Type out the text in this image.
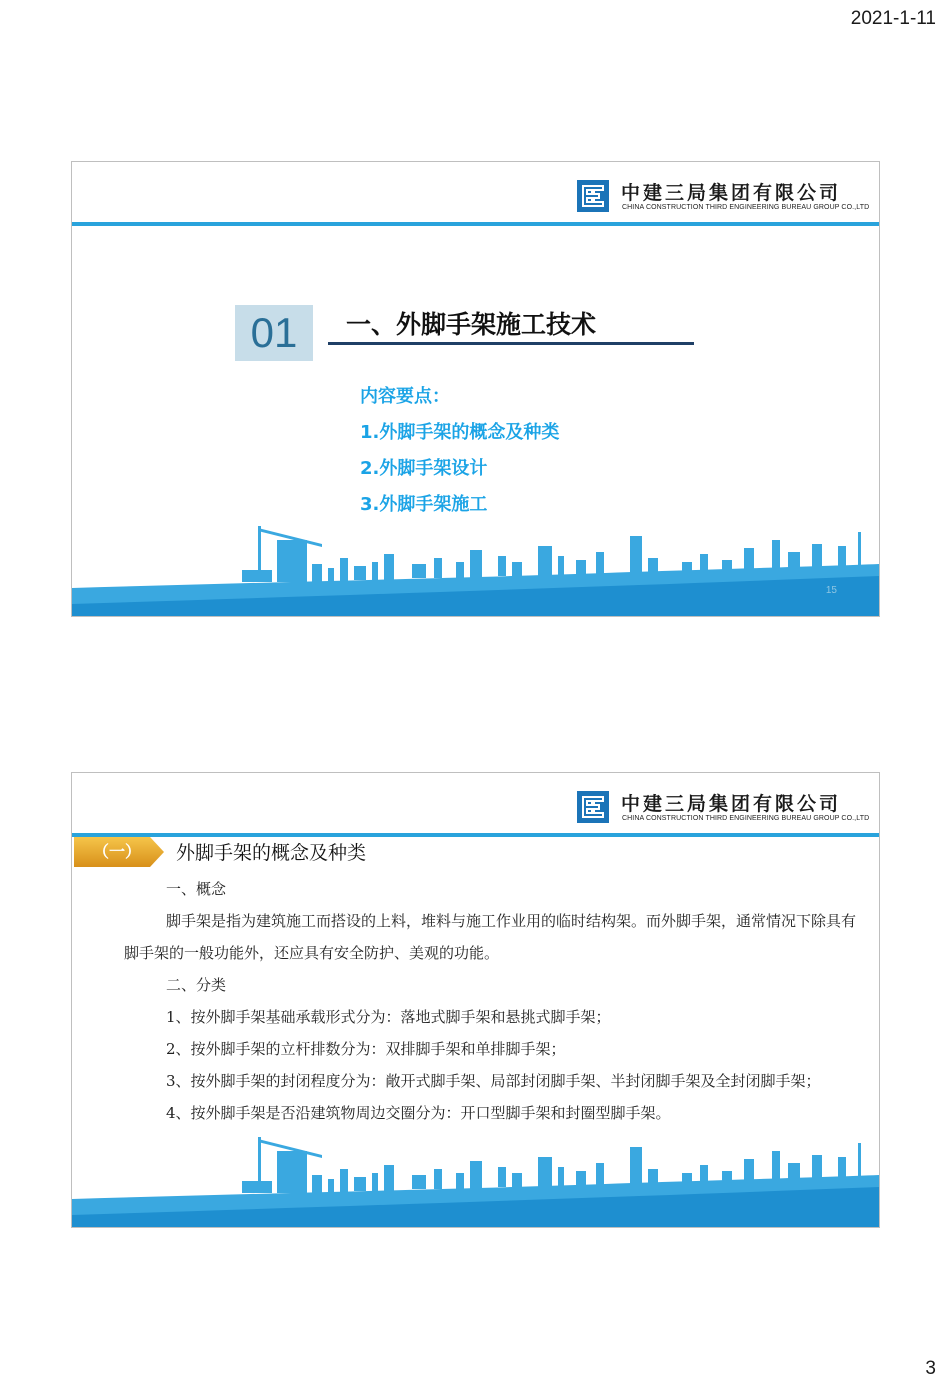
2021-1-11
中建三局集团有限公司
CHINA CONSTRUCTION THIRD ENGINEERING BUREAU GROUP CO.,LTD
01	一、外脚手架施工技术
内容要点：
1.外脚手架的概念及种类
2.外脚手架设计
3.外脚手架施工
15
中建三局集团有限公司
CHINA CONSTRUCTION THIRD ENGINEERING BUREAU GROUP CO.,LTD
（一）	外脚手架的概念及种类

一、概念

脚手架是指为建筑施工而搭设的上料，堆料与施工作业用的临时结构架。而外脚手架，通常情况下除具有脚手架的一般功能外，还应具有安全防护、美观的功能。

二、分类

1、按外脚手架基础承载形式分为：落地式脚手架和悬挑式脚手架；

2、按外脚手架的立杆排数分为：双排脚手架和单排脚手架；

3、按外脚手架的封闭程度分为：敞开式脚手架、局部封闭脚手架、半封闭脚手架及全封闭脚手架；

4、按外脚手架是否沿建筑物周边交圈分为：开口型脚手架和封圈型脚手架。

3
